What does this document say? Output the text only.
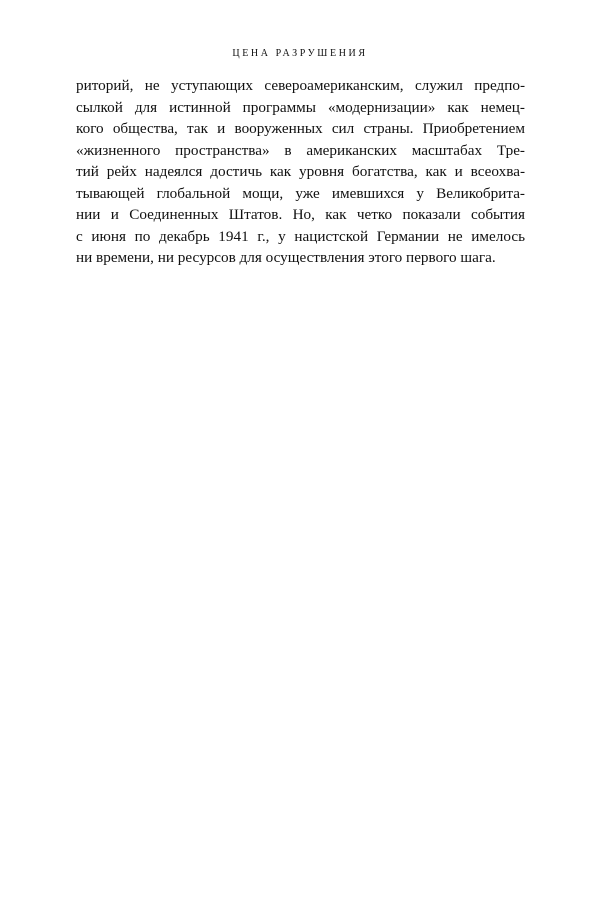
ЦЕНА РАЗРУШЕНИЯ
риторий, не уступающих североамериканским, служил предпо-
сылкой для истинной программы «модернизации» как немец-
кого общества, так и вооруженных сил страны. Приобретением
«жизненного пространства» в американских масштабах Тре-
тий рейх надеялся достичь как уровня богатства, как и всеохва-
тывающей глобальной мощи, уже имевшихся у Великобрита-
нии и Соединенных Штатов. Но, как четко показали события
с июня по декабрь 1941 г., у нацистской Германии не имелось
ни времени, ни ресурсов для осуществления этого первого шага.
